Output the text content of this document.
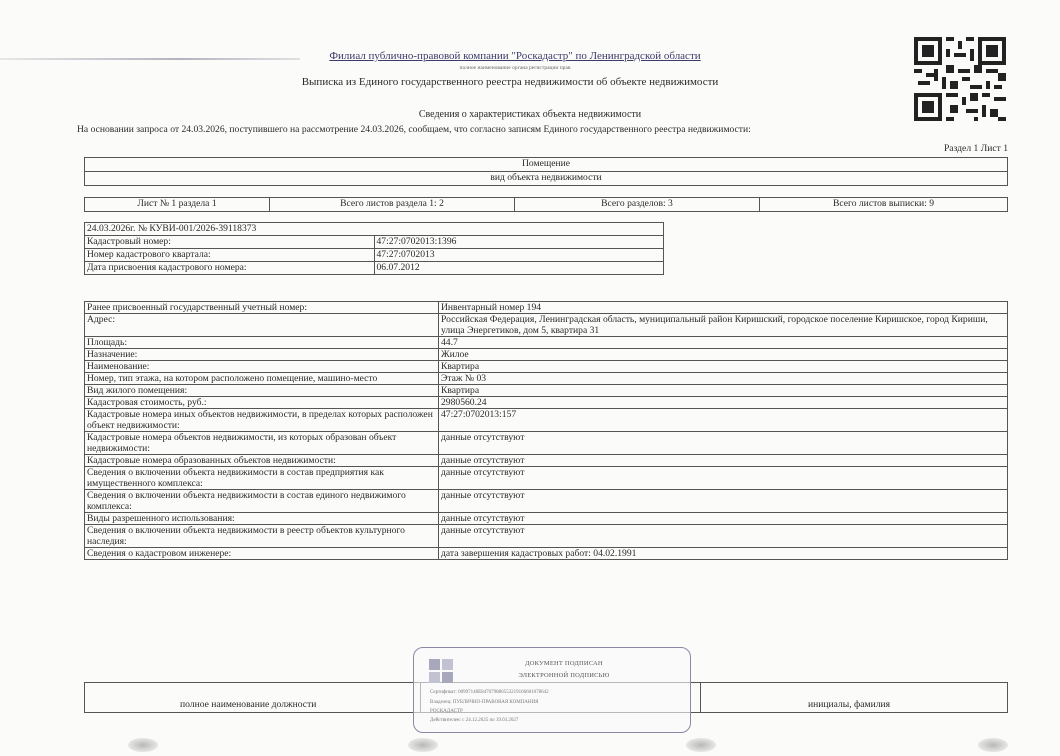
Филиал публично-правовой компании "Роскадастр" по Ленинградской области
полное наименование органа регистрации прав
Выписка из Единого государственного реестра недвижимости об объекте недвижимости
Сведения о характеристиках объекта недвижимости
На основании запроса от 24.03.2026, поступившего на рассмотрение 24.03.2026, сообщаем, что согласно записям Единого государственного реестра недвижимости:
Раздел 1 Лист 1
Помещение
вид объекта недвижимости
Лист № 1 раздела 1	Всего листов раздела 1: 2	Всего разделов: 3	Всего листов выписки: 9
24.03.2026г. № КУВИ-001/2026-39118373	
Кадастровый номер:	47:27:0702013:1396
Номер кадастрового квартала:	47:27:0702013
Дата присвоения кадастрового номера:	06.07.2012
Ранее присвоенный государственный учетный номер:	Инвентарный номер 194
Адрес:	Российская Федерация, Ленинградская область, муниципальный район Киришский, городское поселение Киришское, город Кириши, улица Энергетиков, дом 5, квартира 31
Площадь:	44.7
Назначение:	Жилое
Наименование:	Квартира
Номер, тип этажа, на котором расположено помещение, машино-место	Этаж № 03
Вид жилого помещения:	Квартира
Кадастровая стоимость, руб.:	2980560.24
Кадастровые номера иных объектов недвижимости, в пределах которых расположен объект недвижимости:	47:27:0702013:157
Кадастровые номера объектов недвижимости, из которых образован объект недвижимости:	данные отсутствуют
Кадастровые номера образованных объектов недвижимости:	данные отсутствуют
Сведения о включении объекта недвижимости в состав предприятия как имущественного комплекса:	данные отсутствуют
Сведения о включении объекта недвижимости в состав единого недвижимого комплекса:	данные отсутствуют
Виды разрешенного использования:	данные отсутствуют
Сведения о включении объекта недвижимости в реестр объектов культурного наследия:	данные отсутствуют
Сведения о кадастровом инженере:	дата завершения кадастровых работ: 04.02.1991
полное наименование должности	инициалы, фамилия
ДОКУМЕНТ ПОДПИСАН
ЭЛЕКТРОННОЙ ПОДПИСЬЮ
Сертификат: 00997148E847079880553219166601078642
Владелец: ПУБЛИЧНО-ПРАВОВАЯ КОМПАНИЯ
РОСКАДАСТР
Действителен: с 24.12.2025 по 19.03.2027
